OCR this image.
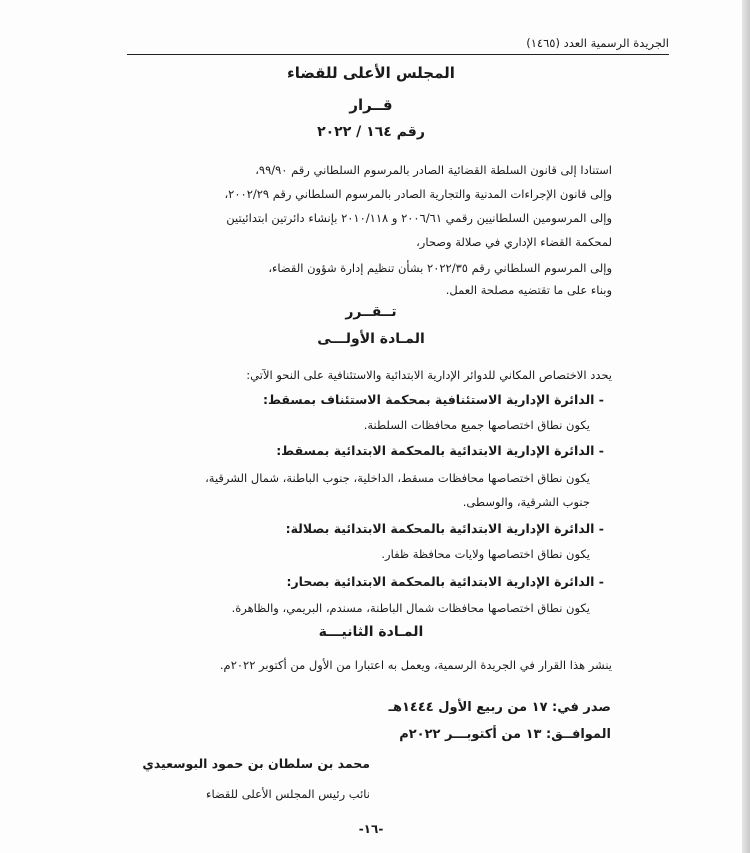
الجريدة الرسمية العدد (١٤٦٥)
المجلس الأعلى للقضاء
قــرار
رقم ١٦٤ / ٢٠٢٢
استنادا إلى قانون السلطة القضائية الصادر بالمرسوم السلطاني رقم ٩٩/٩٠،
وإلى قانون الإجراءات المدنية والتجارية الصادر بالمرسوم السلطاني رقم ٢٠٠٢/٢٩،
وإلى المرسومين السلطانيين رقمي ٢٠٠٦/٦١ و ٢٠١٠/١١٨ بإنشاء دائرتين ابتدائيتين
لمحكمة القضاء الإداري في صلالة وصحار،
وإلى المرسوم السلطاني رقم ٢٠٢٢/٣٥ بشأن تنظيم إدارة شؤون القضاء،
وبناء على ما تقتضيه مصلحة العمل.
تــقــرر
المـادة الأولـــى
يحدد الاختصاص المكاني للدوائر الإدارية الابتدائية والاستئنافية على النحو الآتي:
- الدائرة الإدارية الاستئنافية بمحكمة الاستئناف بمسقط:
يكون نطاق اختصاصها جميع محافظات السلطنة.
- الدائرة الإدارية الابتدائية بالمحكمة الابتدائية بمسقط:
يكون نطاق اختصاصها محافظات مسقط، الداخلية، جنوب الباطنة، شمال الشرقية،
جنوب الشرقية، والوسطى.
- الدائرة الإدارية الابتدائية بالمحكمة الابتدائية بصلالة:
يكون نطاق اختصاصها ولايات محافظة ظفار.
- الدائرة الإدارية الابتدائية بالمحكمة الابتدائية بصحار:
يكون نطاق اختصاصها محافظات شمال الباطنة، مسندم، البريمي، والظاهرة.
المـادة الثانيـــة
ينشر هذا القرار في الجريدة الرسمية، ويعمل به اعتبارا من الأول من أكتوبر ٢٠٢٢م.
صدر في: ١٧ من ربيع الأول ١٤٤٤هـ
الموافــق: ١٣ من أكتوبـــر ٢٠٢٢م
محمد بن سلطان بن حمود البوسعيدي
نائب رئيس المجلس الأعلى للقضاء
-١٦-
